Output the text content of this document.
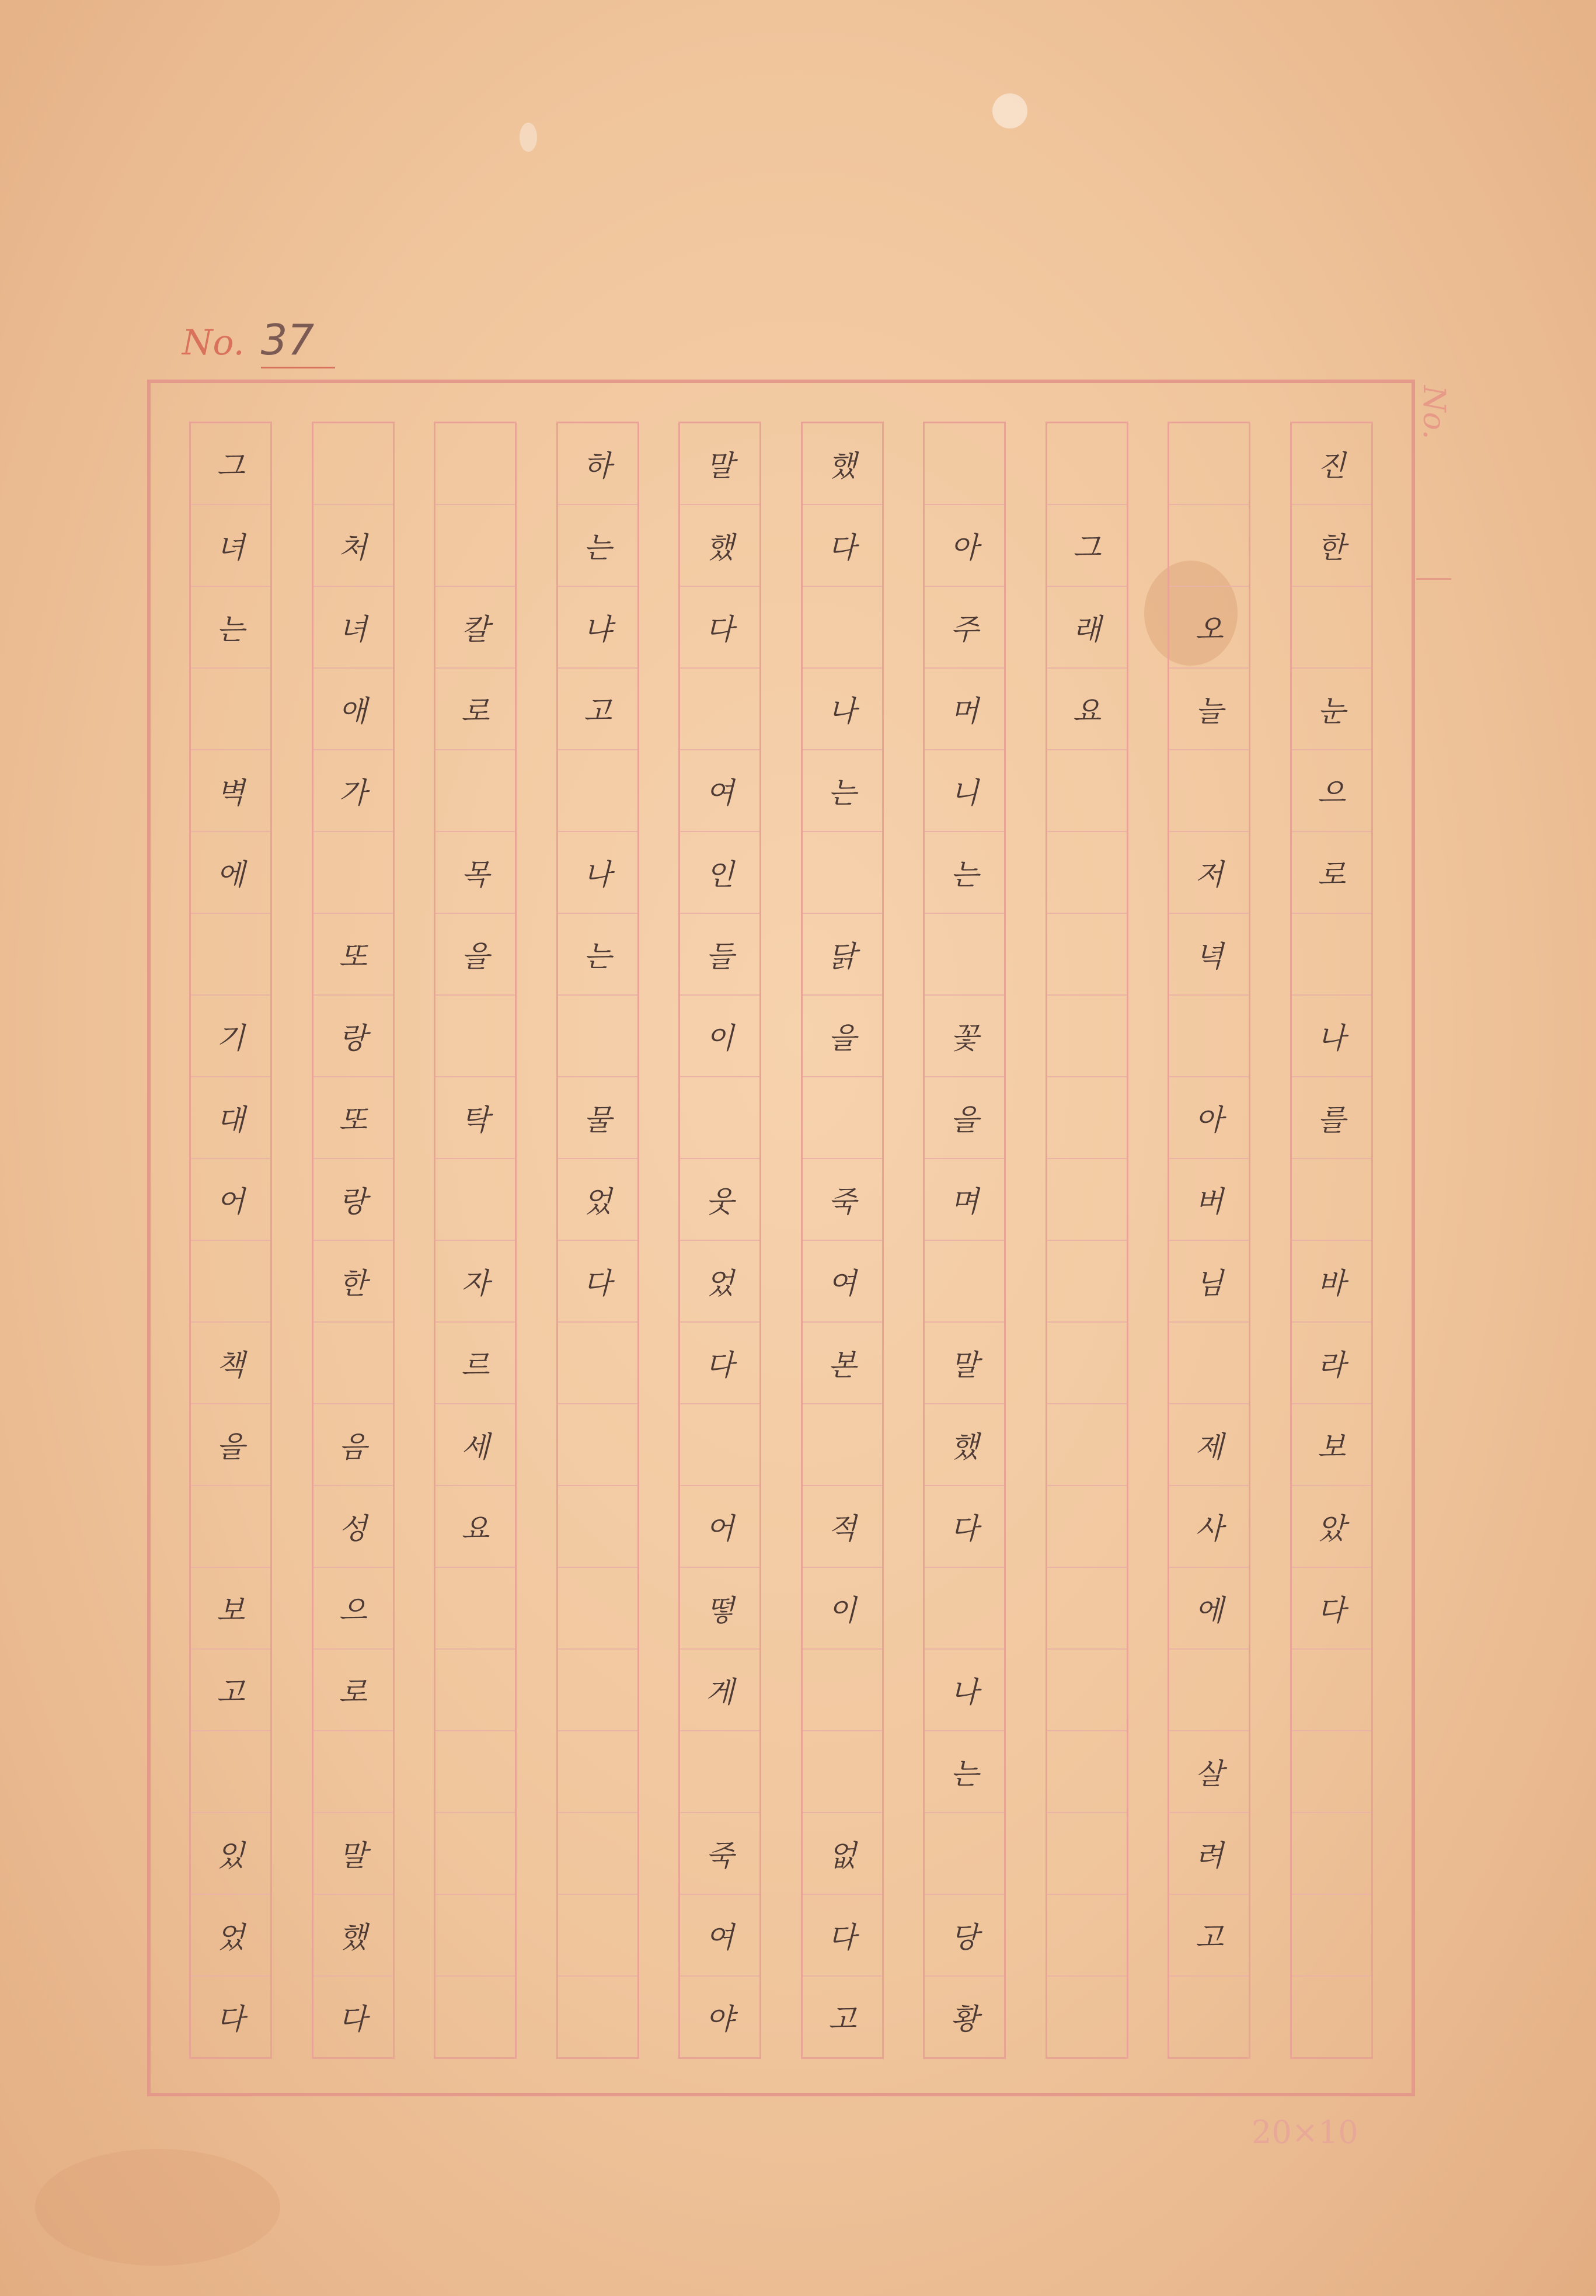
No. 37
No.
진
한
눈
으
로
나
를
바
라
보
았
다
오
늘
저
녁
아
버
님
제
사
에
살
려
고
그
래
요
아
주
머
니
는
꽃
을
며
말
했
다
나
는
당
황
했
다
나
는
닭
을
죽
여
본
적
이
없
다
고
말
했
다
여
인
들
이
웃
었
다
어
떻
게
죽
여
야
하
는
냐
고
나
는
물
었
다
칼
로
목
을
탁
자
르
세
요
처
녀
애
가
또
랑
또
랑
한
음
성
으
로
말
했
다
그
녀
는
벽
에
기
대
어
책
을
보
고
있
었
다
20×10
